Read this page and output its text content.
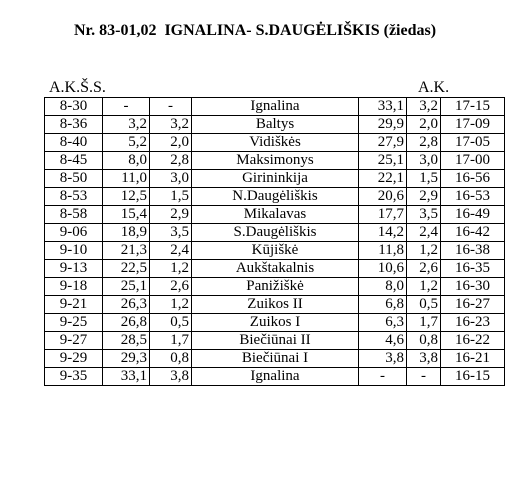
Nr. 83-01,02  IGNALINA- S.DAUGĖLIŠKIS (žiedas)
A.K.Š.S.	A.K.
8-30	-	-	Ignalina	33,1	3,2	17-15
8-36	3,2	3,2	Baltys	29,9	2,0	17-09
8-40	5,2	2,0	Vidiškės	27,9	2,8	17-05
8-45	8,0	2,8	Maksimonys	25,1	3,0	17-00
8-50	11,0	3,0	Girininkija	22,1	1,5	16-56
8-53	12,5	1,5	N.Daugėliškis	20,6	2,9	16-53
8-58	15,4	2,9	Mikalavas	17,7	3,5	16-49
9-06	18,9	3,5	S.Daugėliškis	14,2	2,4	16-42
9-10	21,3	2,4	Kūjiškė	11,8	1,2	16-38
9-13	22,5	1,2	Aukštakalnis	10,6	2,6	16-35
9-18	25,1	2,6	Panižiškė	8,0	1,2	16-30
9-21	26,3	1,2	Zuikos II	6,8	0,5	16-27
9-25	26,8	0,5	Zuikos I	6,3	1,7	16-23
9-27	28,5	1,7	Biečiūnai II	4,6	0,8	16-22
9-29	29,3	0,8	Biečiūnai I	3,8	3,8	16-21
9-35	33,1	3,8	Ignalina	-	-	16-15
